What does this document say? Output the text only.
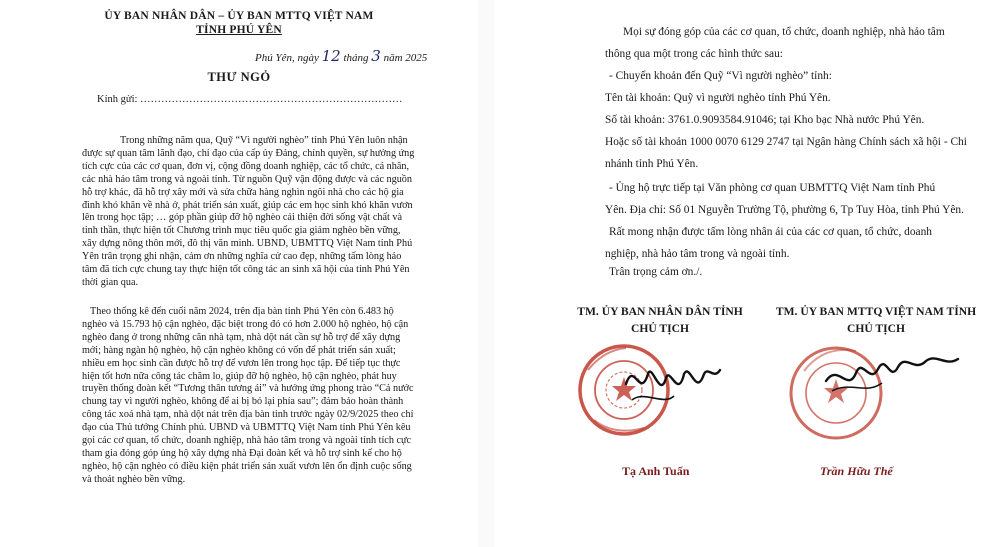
ỦY BAN NHÂN DÂN – ỦY BAN MTTQ VIỆT NAM
TỈNH PHÚ YÊN
Phú Yên, ngày 12 tháng 3 năm 2025
THƯ NGỎ
Kính gửi: …………………………………………………………………
Trong những năm qua, Quỹ “Vì người nghèo” tỉnh Phú Yên luôn nhận
được sự quan tâm lãnh đạo, chỉ đạo của cấp ủy Đảng, chính quyền, sự hưởng ứng
tích cực của các cơ quan, đơn vị, cộng đồng doanh nghiệp, các tổ chức, cá nhân,
các nhà hảo tâm trong và ngoài tỉnh. Từ nguồn Quỹ vận động được và các nguồn
hỗ trợ khác, đã hỗ trợ xây mới và sửa chữa hàng nghìn ngôi nhà cho các hộ gia
đình khó khăn về nhà ở, phát triển sản xuất, giúp các em học sinh khó khăn vươn
lên trong học tập; … góp phần giúp đỡ hộ nghèo cải thiện đời sống vật chất và
tinh thần, thực hiện tốt Chương trình mục tiêu quốc gia giảm nghèo bền vững,
xây dựng nông thôn mới, đô thị văn minh. UBND, UBMTTQ Việt Nam tỉnh Phú
Yên trân trọng ghi nhận, cảm ơn những nghĩa cử cao đẹp, những tấm lòng hảo
tâm đã tích cực chung tay thực hiện tốt công tác an sinh xã hội của tỉnh Phú Yên
thời gian qua.
Theo thống kê đến cuối năm 2024, trên địa bàn tỉnh Phú Yên còn 6.483 hộ
nghèo và 15.793 hộ cận nghèo, đặc biệt trong đó có hơn 2.000 hộ nghèo, hộ cận
nghèo đang ở trong những căn nhà tạm, nhà dột nát cần sự hỗ trợ để xây dựng
mới; hàng ngàn hộ nghèo, hộ cận nghèo không có vốn để phát triển sản xuất;
nhiều em học sinh cần được hỗ trợ để vươn lên trong học tập. Để tiếp tục thực
hiện tốt hơn nữa công tác chăm lo, giúp đỡ hộ nghèo, hộ cận nghèo, phát huy
truyền thống đoàn kết “Tương thân tương ái” và hưởng ứng phong trào “Cả nước
chung tay vì người nghèo, không để ai bị bỏ lại phía sau”; đảm bảo hoàn thành
công tác xoá nhà tạm, nhà dột nát trên địa bàn tỉnh trước ngày 02/9/2025 theo chỉ
đạo của Thủ tướng Chính phủ. UBND và UBMTTQ Việt Nam tỉnh Phú Yên kêu
gọi các cơ quan, tổ chức, doanh nghiệp, nhà hảo tâm trong và ngoài tỉnh tích cực
tham gia đóng góp ủng hộ xây dựng nhà Đại đoàn kết và hỗ trợ sinh kế cho hộ
nghèo, hộ cận nghèo có điều kiện phát triển sản xuất vươn lên ổn định cuộc sống
và thoát nghèo bền vững.
Mọi sự đóng góp của các cơ quan, tổ chức, doanh nghiệp, nhà hảo tâm
thông qua một trong các hình thức sau:
- Chuyển khoản đến Quỹ “Vì người nghèo” tỉnh:
Tên tài khoản: Quỹ vì người nghèo tỉnh Phú Yên.
Số tài khoản: 3761.0.9093584.91046; tại Kho bạc Nhà nước Phú Yên.
Hoặc số tài khoản 1000 0070 6129 2747 tại Ngân hàng Chính sách xã hội - Chi
nhánh tỉnh Phú Yên.
- Ủng hộ trực tiếp tại Văn phòng cơ quan UBMTTQ Việt Nam tỉnh Phú
Yên. Địa chỉ: Số 01 Nguyễn Trường Tộ, phường 6, Tp Tuy Hòa, tỉnh Phú Yên.
Rất mong nhận được tấm lòng nhân ái của các cơ quan, tổ chức, doanh
nghiệp, nhà hảo tâm trong và ngoài tỉnh.
Trân trọng cảm ơn./.
TM. ỦY BAN NHÂN DÂN TỈNH
CHỦ TỊCH
TM. ỦY BAN MTTQ VIỆT NAM TỈNH
CHỦ TỊCH
Tạ Anh Tuấn	Trần Hữu Thế
